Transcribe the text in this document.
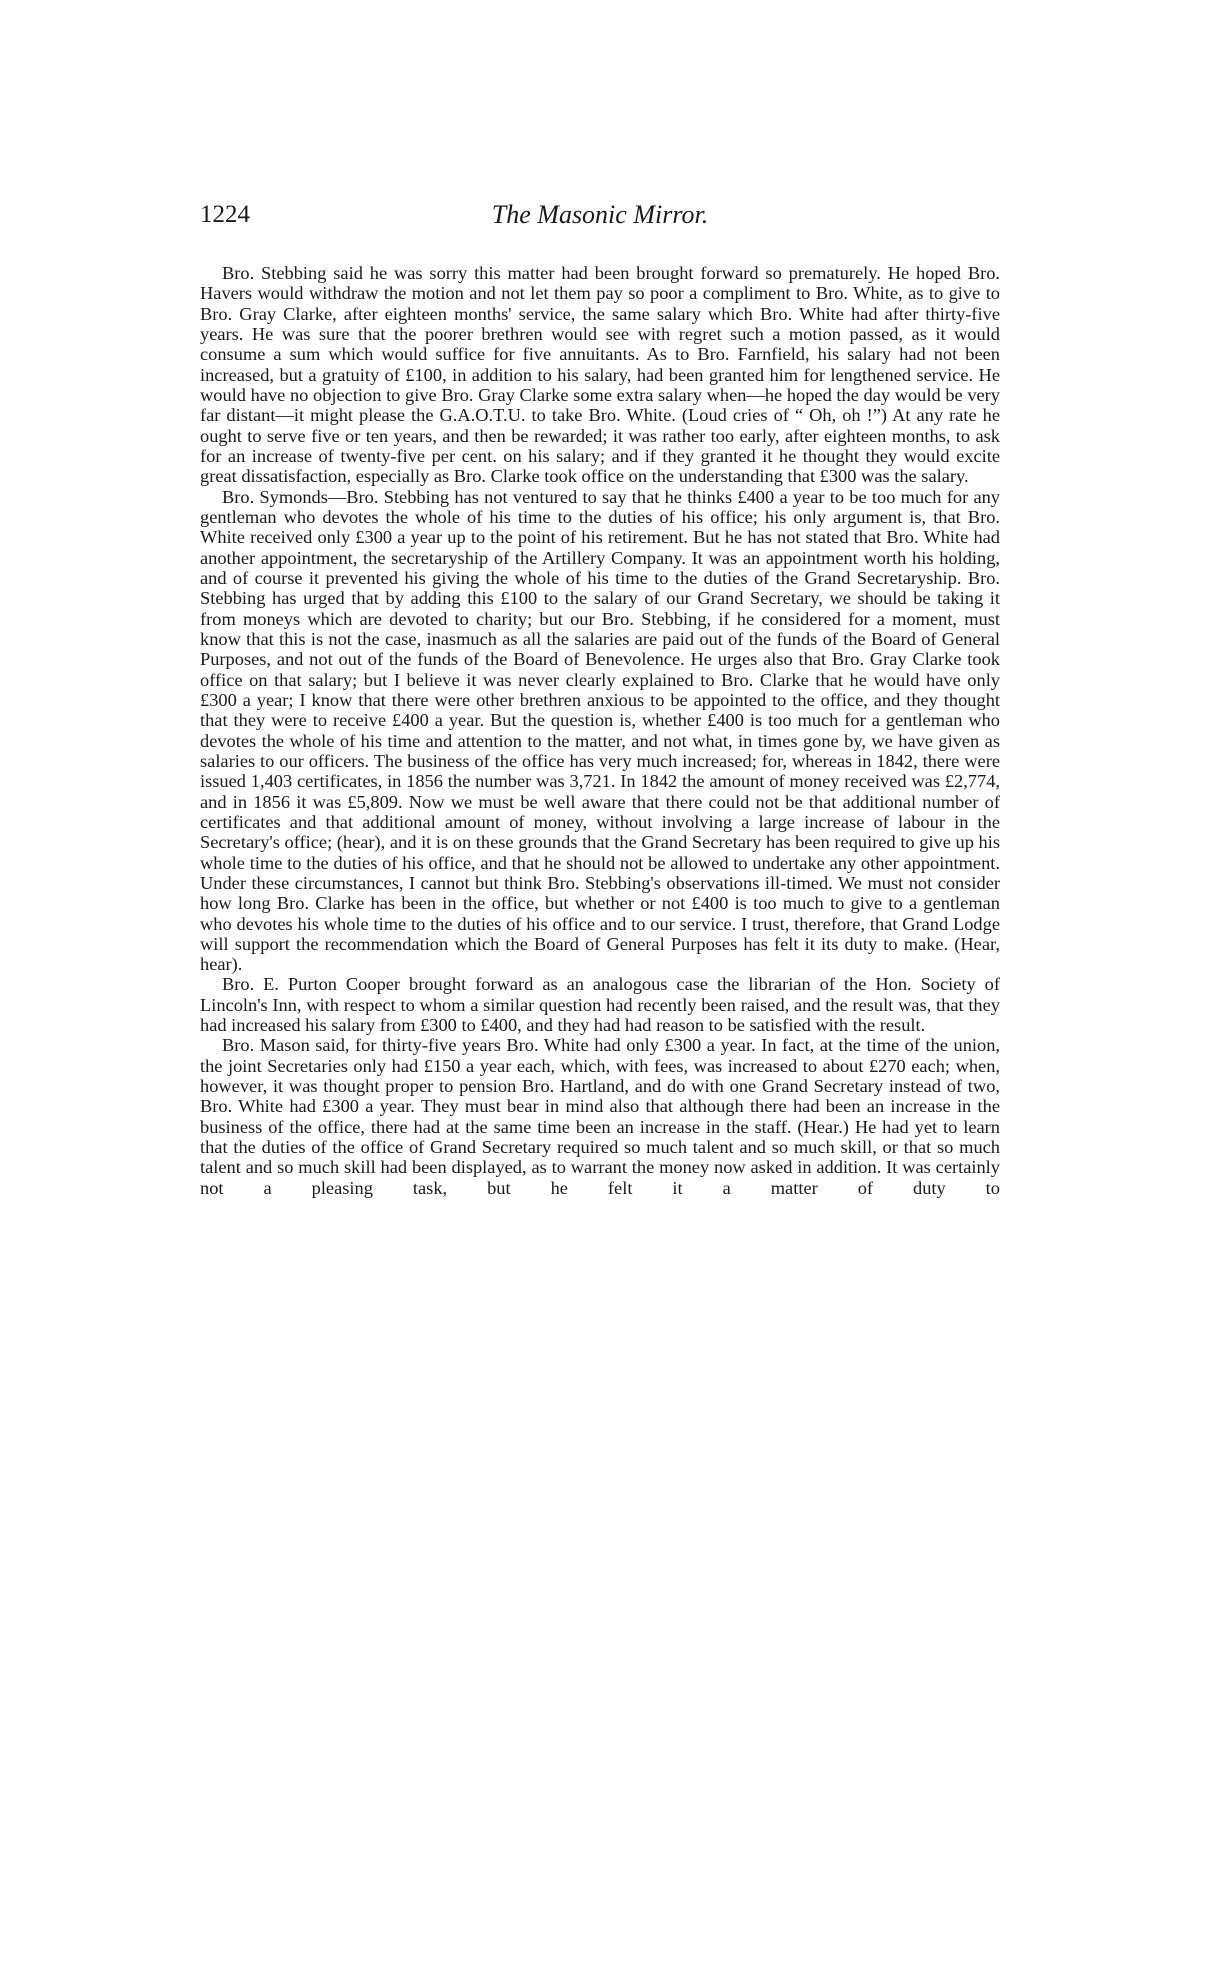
1224	The Masonic Mirror.

Bro. Stebbing said he was sorry this matter had been brought forward so prematurely. He hoped Bro. Havers would withdraw the motion and not let them pay so poor a compliment to Bro. White, as to give to Bro. Gray Clarke, after eighteen months' service, the same salary which Bro. White had after thirty-five years. He was sure that the poorer brethren would see with regret such a motion passed, as it would consume a sum which would suffice for five annuitants. As to Bro. Farnfield, his salary had not been increased, but a gratuity of £100, in addition to his salary, had been granted him for lengthened service. He would have no objection to give Bro. Gray Clarke some extra salary when—he hoped the day would be very far distant—it might please the G.A.O.T.U. to take Bro. White. (Loud cries of “ Oh, oh !”) At any rate he ought to serve five or ten years, and then be rewarded; it was rather too early, after eighteen months, to ask for an increase of twenty-five per cent. on his salary; and if they granted it he thought they would excite great dissatisfaction, especially as Bro. Clarke took office on the understanding that £300 was the salary.

Bro. Symonds—Bro. Stebbing has not ventured to say that he thinks £400 a year to be too much for any gentleman who devotes the whole of his time to the duties of his office; his only argument is, that Bro. White received only £300 a year up to the point of his retirement. But he has not stated that Bro. White had another appointment, the secretaryship of the Artillery Company. It was an appointment worth his holding, and of course it prevented his giving the whole of his time to the duties of the Grand Secretaryship. Bro. Stebbing has urged that by adding this £100 to the salary of our Grand Secretary, we should be taking it from moneys which are devoted to charity; but our Bro. Stebbing, if he considered for a moment, must know that this is not the case, inasmuch as all the salaries are paid out of the funds of the Board of General Purposes, and not out of the funds of the Board of Benevolence. He urges also that Bro. Gray Clarke took office on that salary; but I believe it was never clearly explained to Bro. Clarke that he would have only £300 a year; I know that there were other brethren anxious to be appointed to the office, and they thought that they were to receive £400 a year. But the question is, whether £400 is too much for a gentleman who devotes the whole of his time and attention to the matter, and not what, in times gone by, we have given as salaries to our officers. The business of the office has very much increased; for, whereas in 1842, there were issued 1,403 certificates, in 1856 the number was 3,721. In 1842 the amount of money received was £2,774, and in 1856 it was £5,809. Now we must be well aware that there could not be that additional number of certificates and that additional amount of money, without involving a large increase of labour in the Secretary's office; (hear), and it is on these grounds that the Grand Secretary has been required to give up his whole time to the duties of his office, and that he should not be allowed to undertake any other appointment. Under these circumstances, I cannot but think Bro. Stebbing's observations ill-timed. We must not consider how long Bro. Clarke has been in the office, but whether or not £400 is too much to give to a gentleman who devotes his whole time to the duties of his office and to our service. I trust, therefore, that Grand Lodge will support the recommendation which the Board of General Purposes has felt it its duty to make. (Hear, hear).

Bro. E. Purton Cooper brought forward as an analogous case the librarian of the Hon. Society of Lincoln's Inn, with respect to whom a similar question had recently been raised, and the result was, that they had increased his salary from £300 to £400, and they had had reason to be satisfied with the result.

Bro. Mason said, for thirty-five years Bro. White had only £300 a year. In fact, at the time of the union, the joint Secretaries only had £150 a year each, which, with fees, was increased to about £270 each; when, however, it was thought proper to pension Bro. Hartland, and do with one Grand Secretary instead of two, Bro. White had £300 a year. They must bear in mind also that although there had been an increase in the business of the office, there had at the same time been an increase in the staff. (Hear.) He had yet to learn that the duties of the office of Grand Secretary required so much talent and so much skill, or that so much talent and so much skill had been displayed, as to warrant the money now asked in addition. It was certainly not a pleasing task, but he felt it a matter of duty to
